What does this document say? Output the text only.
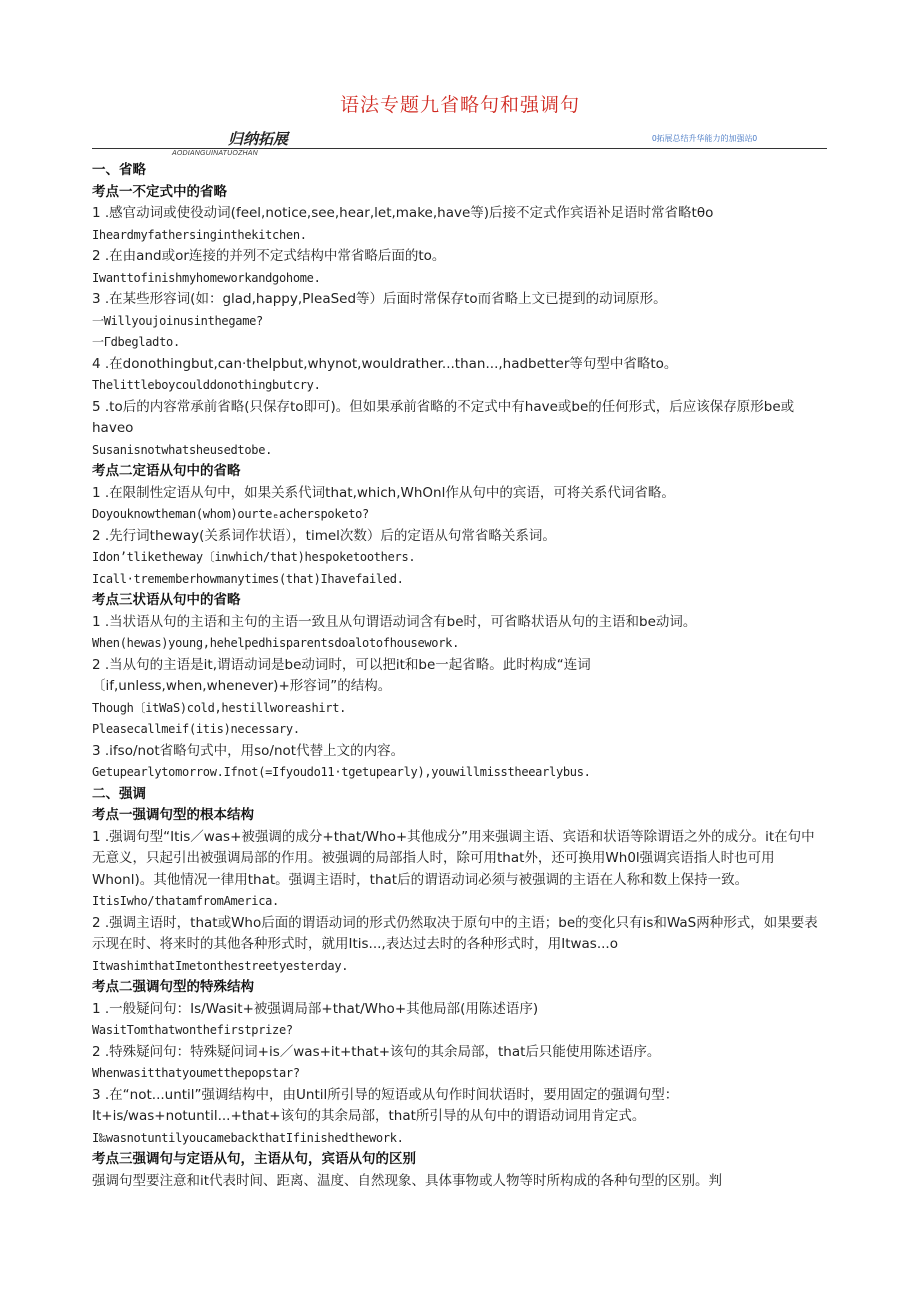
语法专题九省略句和强调句
归纳拓展
AODIANGUINATUOZHAN
0拓展总结升华能力的加强站0
一、省略
考点一不定式中的省略
1 .感官动词或使役动词(feel,notice,see,hear,let,make,have等)后接不定式作宾语补足语时常省略tθo
Iheardmyfathersinginthekitchen.
2 .在由and或or连接的并列不定式结构中常省略后面的to。
Iwanttofinishmyhomeworkandgohome.
3 .在某些形容词(如：glad,happy,PleaSed等）后面时常保存to而省略上文已提到的动词原形。
一Willyoujoinusinthegame?
一Γdbegladto.
4 .在donothingbut,can·thelpbut,whynot,wouldrather...than...,hadbetter等句型中省略to。
Thelittleboycoulddonothingbutcry.
5 .to后的内容常承前省略(只保存to即可)。但如果承前省略的不定式中有have或be的任何形式，后应该保存原形be或haveo
Susanisnotwhatsheusedtobe.
考点二定语从句中的省略
1 .在限制性定语从句中，如果关系代词that,which,WhOnl作从句中的宾语，可将关系代词省略。
Doyouknowtheman(whom)ourteₑacherspoketo?
2 .先行词theway(关系词作状语），timel次数）后的定语从句常省略关系词。
Idon’tliketheway〔inwhich/that)hespoketoothers.
Icall·trememberhowmanytimes(that)Ihavefailed.
考点三状语从句中的省略
1 .当状语从句的主语和主句的主语一致且从句谓语动词含有be时，可省略状语从句的主语和be动词。
When(hewas)young,hehelpedhisparentsdoalotofhousework.
2 .当从句的主语是it,谓语动词是be动词时，可以把it和be一起省略。此时构成“连词
〔if,unless,when,whenever)+形容词”的结构。
Though〔itWaS)cold,hestillworeashirt.
Pleasecallmeif(itis)necessary.
3 .ifso/not省略句式中，用so/not代替上文的内容。
Getupearlytomorrow.Ifnot(=Ifyoudo11·tgetupearly),youwillmisstheearlybus.
二、强调
考点一强调句型的根本结构
1 .强调句型“Itis／was+被强调的成分+that/Who+其他成分”用来强调主语、宾语和状语等除谓语之外的成分。it在句中无意义，只起引出被强调局部的作用。被强调的局部指人时，除可用that外，还可换用Wh0l强调宾语指人时也可用Whonl)。其他情况一律用that。强调主语时，that后的谓语动词必须与被强调的主语在人称和数上保持一致。
ItisIwho/thatamfromAmerica.
2 .强调主语时，that或Who后面的谓语动词的形式仍然取决于原句中的主语；be的变化只有is和WaS两种形式，如果要表示现在时、将来时的其他各种形式时，就用Itis...,表达过去时的各种形式时，用Itwas...o
ItwashimthatImetonthestreetyesterday.
考点二强调句型的特殊结构
1 .一般疑问句：Is/Wasit+被强调局部+that/Who+其他局部(用陈述语序)
WasitTomthatwonthefirstprize?
2 .特殊疑问句：特殊疑问词+is／was+it+that+该句的其余局部，that后只能使用陈述语序。
Whenwasitthatyoumetthepopstar?
3 .在“not...until”强调结构中，由Until所引导的短语或从句作时间状语时，要用固定的强调句型：
It+is/was+notuntil...+that+该句的其余局部，that所引导的从句中的谓语动词用肯定式。
I‰wasnotuntilyoucamebackthatIfinishedthework.
考点三强调句与定语从句，主语从句，宾语从句的区别
强调句型要注意和it代表时间、距离、温度、自然现象、具体事物或人物等时所构成的各种句型的区别。判
